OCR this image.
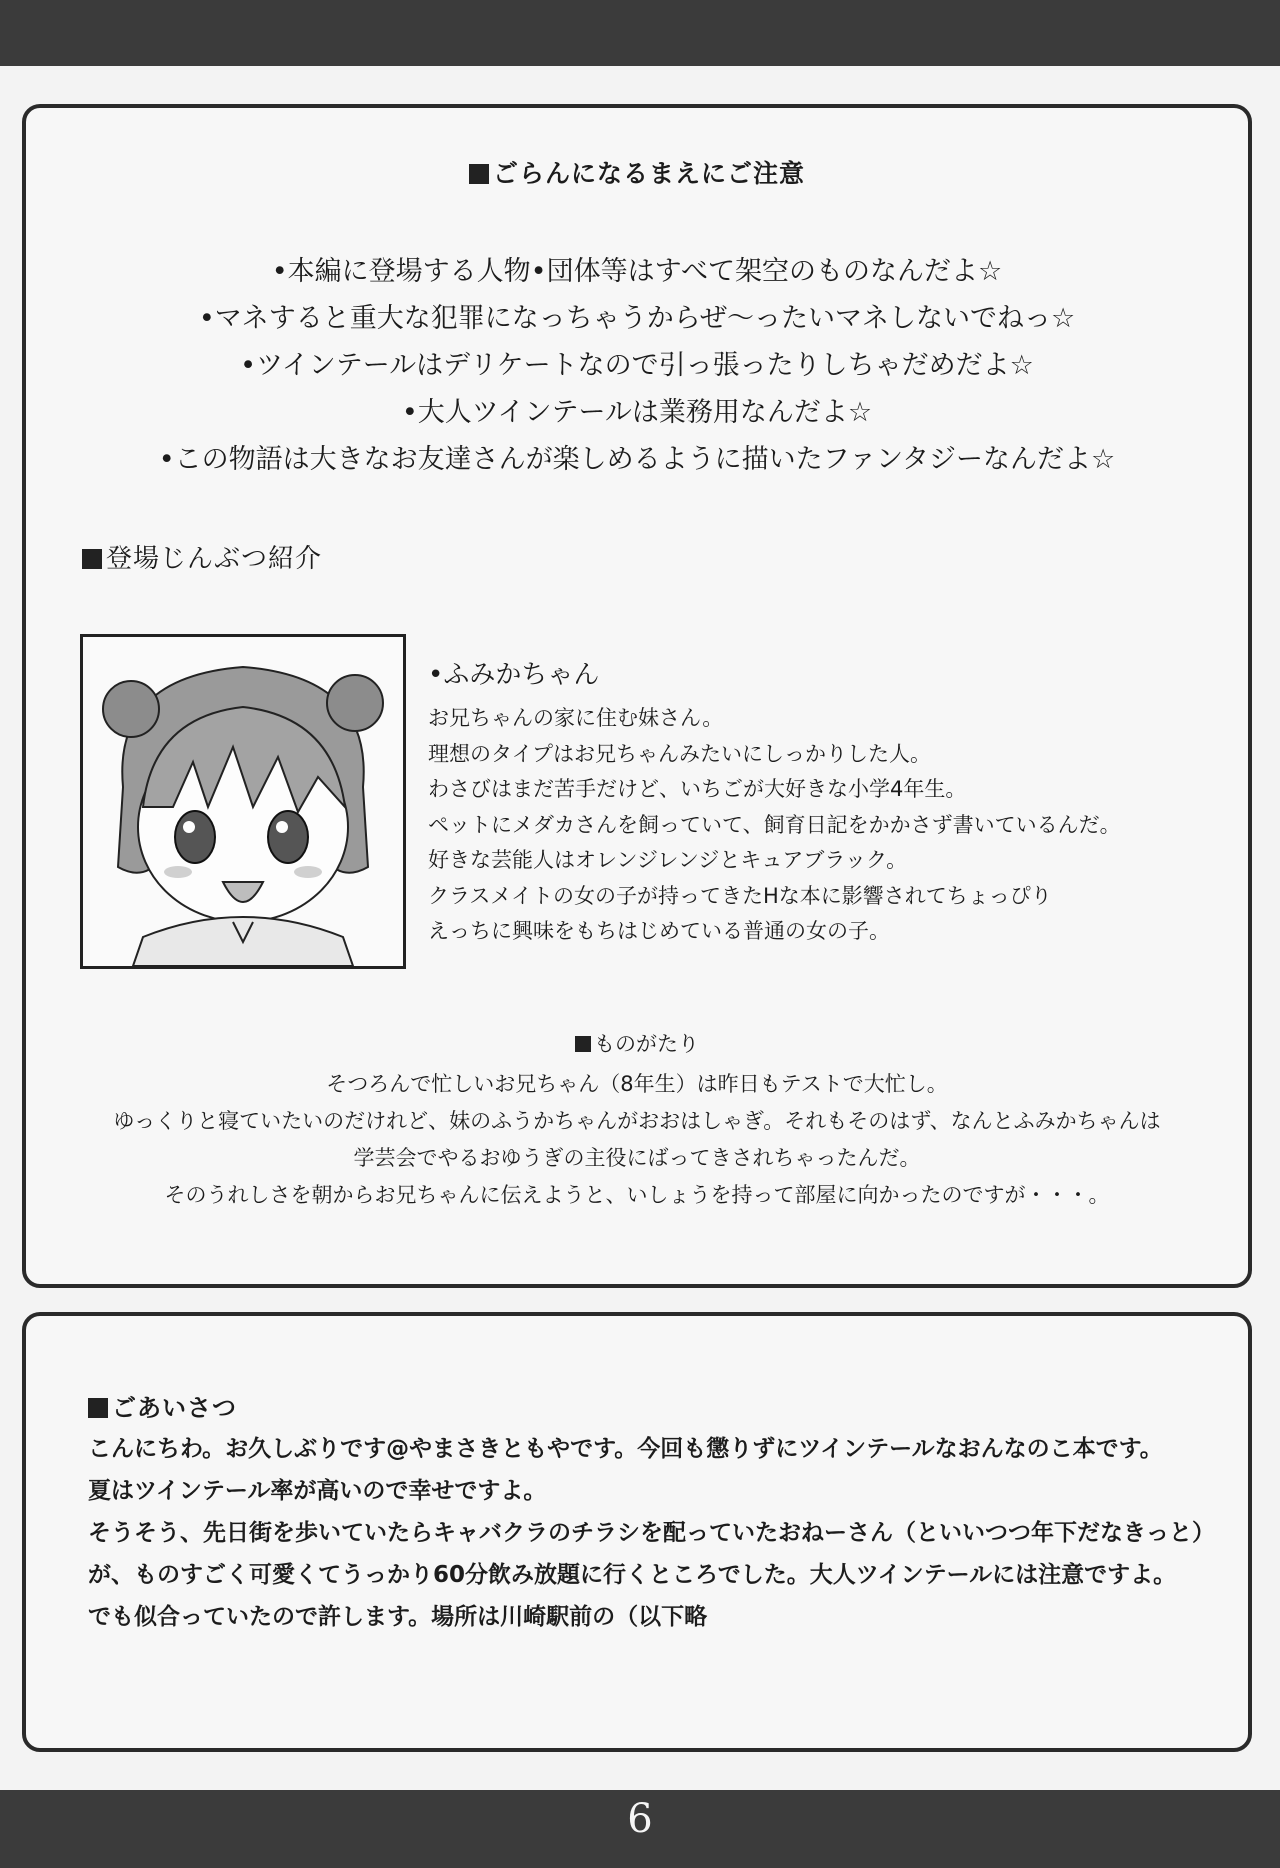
ごらんになるまえにご注意
•本編に登場する人物•団体等はすべて架空のものなんだよ☆
•マネすると重大な犯罪になっちゃうからぜ〜ったいマネしないでねっ☆
•ツインテールはデリケートなので引っ張ったりしちゃだめだよ☆
•大人ツインテールは業務用なんだよ☆
•この物語は大きなお友達さんが楽しめるように描いたファンタジーなんだよ☆
登場じんぶつ紹介
•ふみかちゃん
お兄ちゃんの家に住む妹さん。
理想のタイプはお兄ちゃんみたいにしっかりした人。
わさびはまだ苦手だけど、いちごが大好きな小学4年生。
ペットにメダカさんを飼っていて、飼育日記をかかさず書いているんだ。
好きな芸能人はオレンジレンジとキュアブラック。
クラスメイトの女の子が持ってきたHな本に影響されてちょっぴり
えっちに興味をもちはじめている普通の女の子。
ものがたり
そつろんで忙しいお兄ちゃん（8年生）は昨日もテストで大忙し。
ゆっくりと寝ていたいのだけれど、妹のふうかちゃんがおおはしゃぎ。それもそのはず、なんとふみかちゃんは
学芸会でやるおゆうぎの主役にばってきされちゃったんだ。
そのうれしさを朝からお兄ちゃんに伝えようと、いしょうを持って部屋に向かったのですが・・・。
ごあいさつ
こんにちわ。お久しぶりです@やまさきともやです。今回も懲りずにツインテールなおんなのこ本です。
夏はツインテール率が高いので幸せですよ。
そうそう、先日街を歩いていたらキャバクラのチラシを配っていたおねーさん（といいつつ年下だなきっと）
が、ものすごく可愛くてうっかり60分飲み放題に行くところでした。大人ツインテールには注意ですよ。
でも似合っていたので許します。場所は川崎駅前の（以下略
6
